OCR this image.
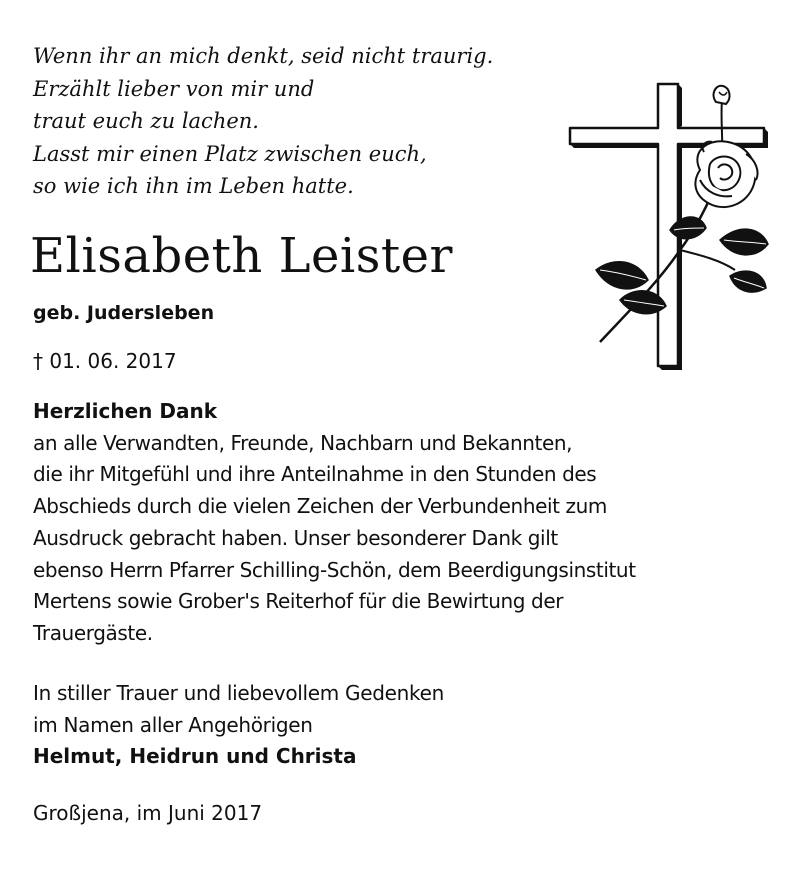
Wenn ihr an mich denkt, seid nicht traurig.
Erzählt lieber von mir und
traut euch zu lachen.
Lasst mir einen Platz zwischen euch,
so wie ich ihn im Leben hatte.
Elisabeth Leister
geb. Judersleben
† 01. 06. 2017
Herzlichen Dank
an alle Verwandten, Freunde, Nachbarn und Bekannten,
die ihr Mitgefühl und ihre Anteilnahme in den Stunden des
Abschieds durch die vielen Zeichen der Verbundenheit zum
Ausdruck gebracht haben. Unser besonderer Dank gilt
ebenso Herrn Pfarrer Schilling-Schön, dem Beerdigungsinstitut
Mertens sowie Grober's Reiterhof für die Bewirtung der
Trauergäste.
In stiller Trauer und liebevollem Gedenken
im Namen aller Angehörigen
Helmut, Heidrun und Christa
Großjena, im Juni 2017
